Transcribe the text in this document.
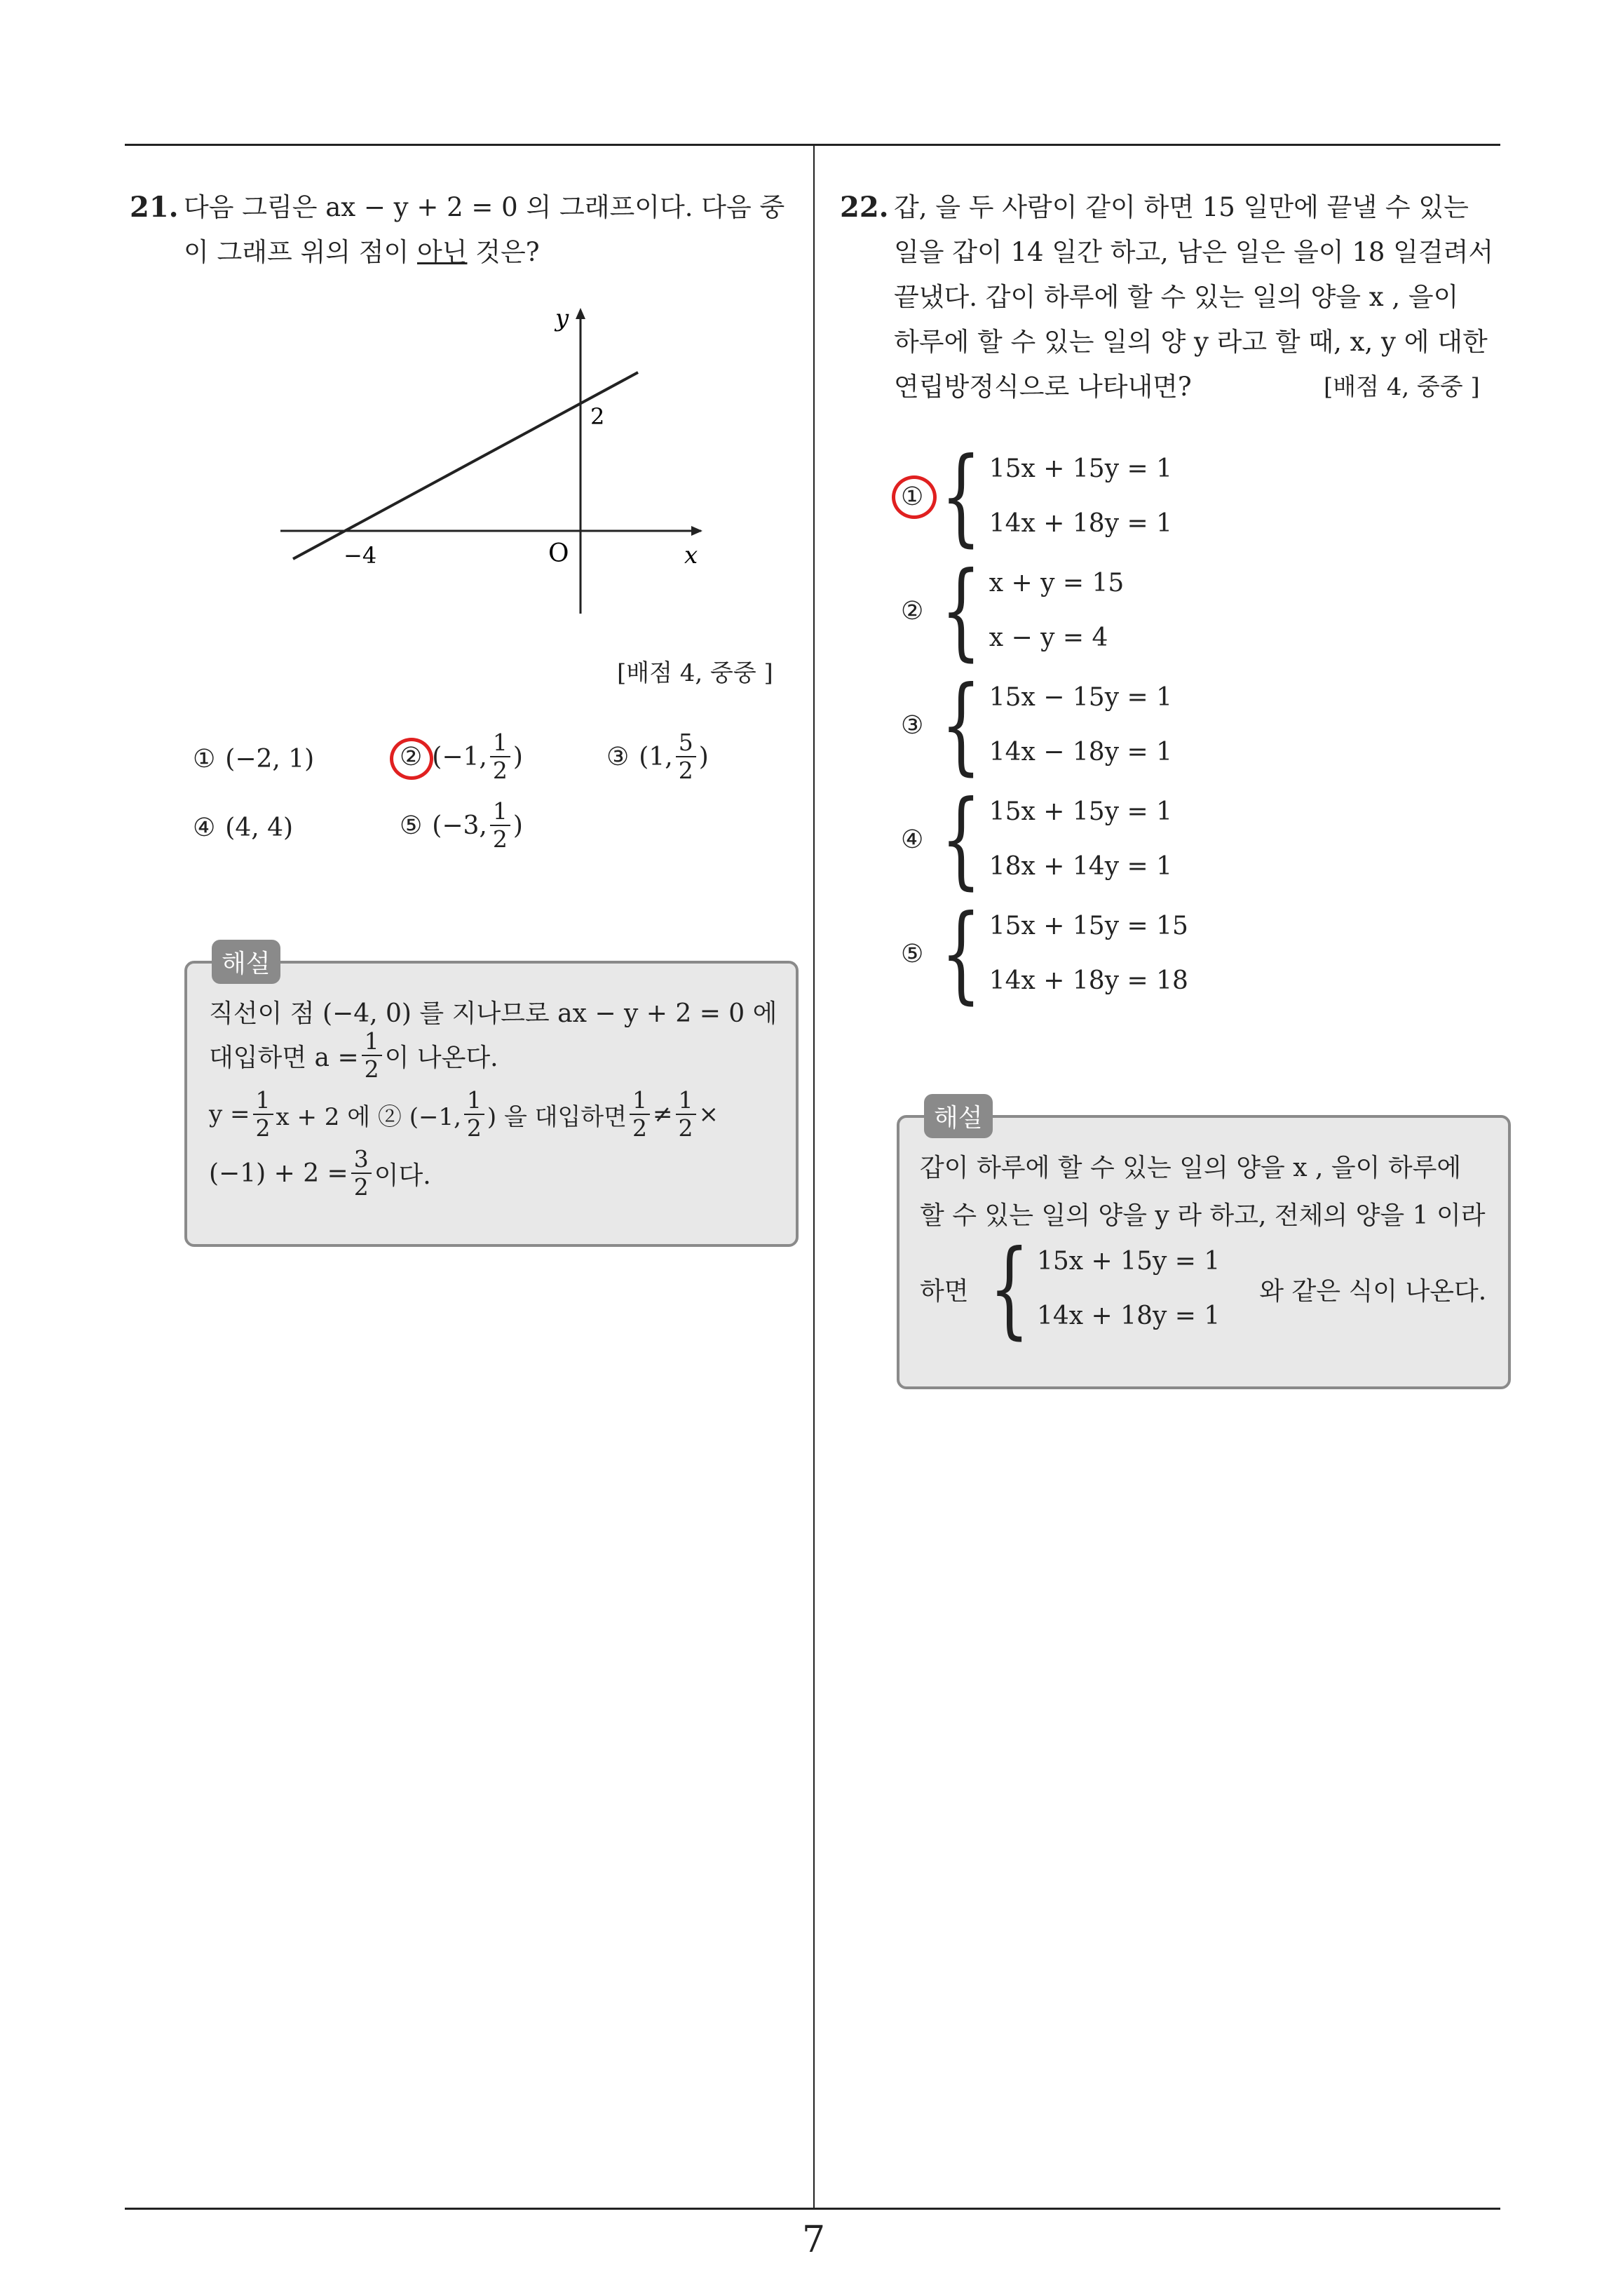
7
21. 다음 그림은 ax − y + 2 = 0 의 그래프이다. 다음 중
이 그래프 위의 점이 아닌 것은?
y
x
O
2
−4
[배점 4, 중중 ]
① (−2, 1)	② (−1, $\frac{1}{2}$ )	③ (1, $\frac{5}{2}$ )
④ (4, 4)	⑤ (−3, $\frac{1}{2}$ )
해설
직선이 점 (−4, 0) 를 지나므로 ax − y + 2 = 0 에
대입하면 $a = \frac{1}{2}$ 이 나온다.
$y = \frac{1}{2}$ x + 2 에 ② (−1, $\frac{1}{2}$ ) 을 대입하면 $\frac{1}{2} \ne \frac{1}{2}$ ×
$(-1) + 2 = \frac{3}{2}$ 이다.
22. 갑, 을 두 사람이 같이 하면 15 일만에 끝낼 수 있는
일을 갑이 14 일간 하고, 남은 일은 을이 18 일걸려서
끝냈다. 갑이 하루에 할 수 있는 일의 양을 x , 을이
하루에 할 수 있는 일의 양 y 라고 할 때, x, y 에 대한
연립방정식으로 나타내면?	[배점 4, 중중 ]
① { 15x + 15y = 1
14x + 18y = 1
② { x + y = 15
x − y = 4
③ { 15x − 15y = 1
14x − 18y = 1
④ { 15x + 15y = 1
18x + 14y = 1
⑤ { 15x + 15y = 15
14x + 18y = 18
해설
갑이 하루에 할 수 있는 일의 양을 x , 을이 하루에
할 수 있는 일의 양을 y 라 하고, 전체의 양을 1 이라
하면 { 15x + 15y = 1
14x + 18y = 1
와 같은 식이 나온다.
